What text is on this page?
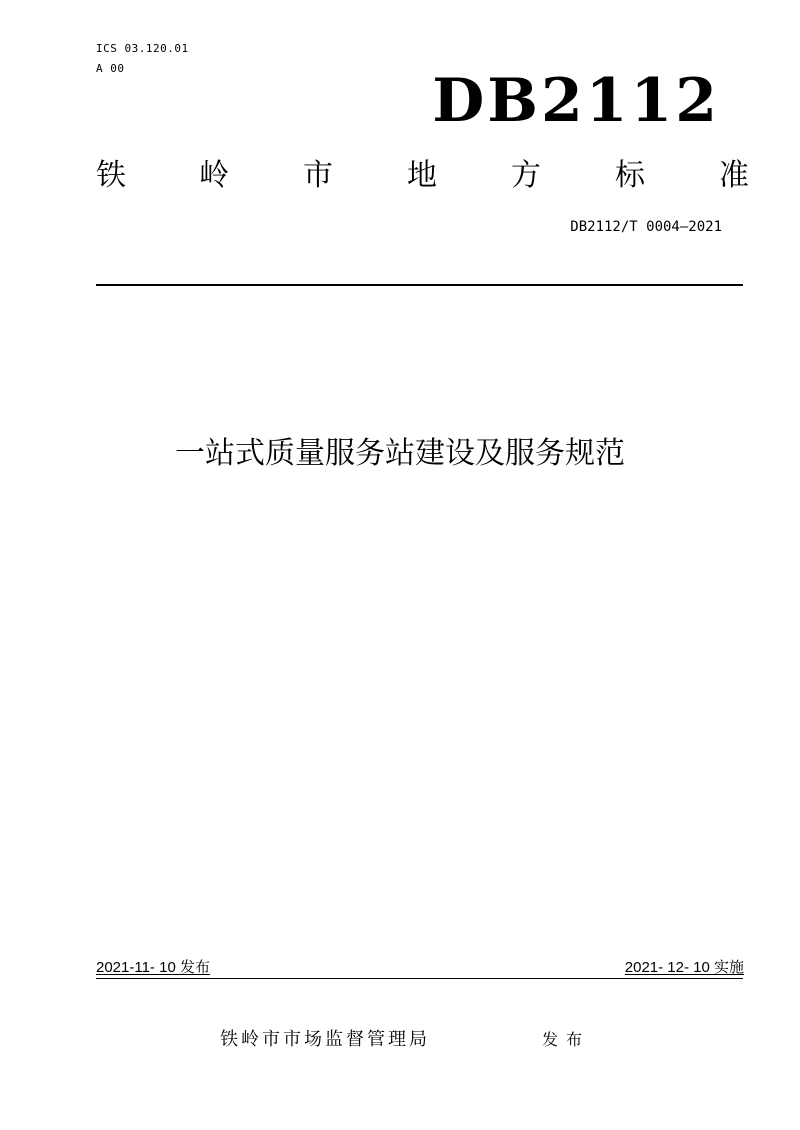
ICS 03.120.01
A 00	DB2112
铁 岭 市 地 方 标 准
DB2112/T 0004—2021
一站式质量服务站建设及服务规范
2021-11- 10 发布	2021- 12- 10 实施
铁岭市市场监督管理局	发布
